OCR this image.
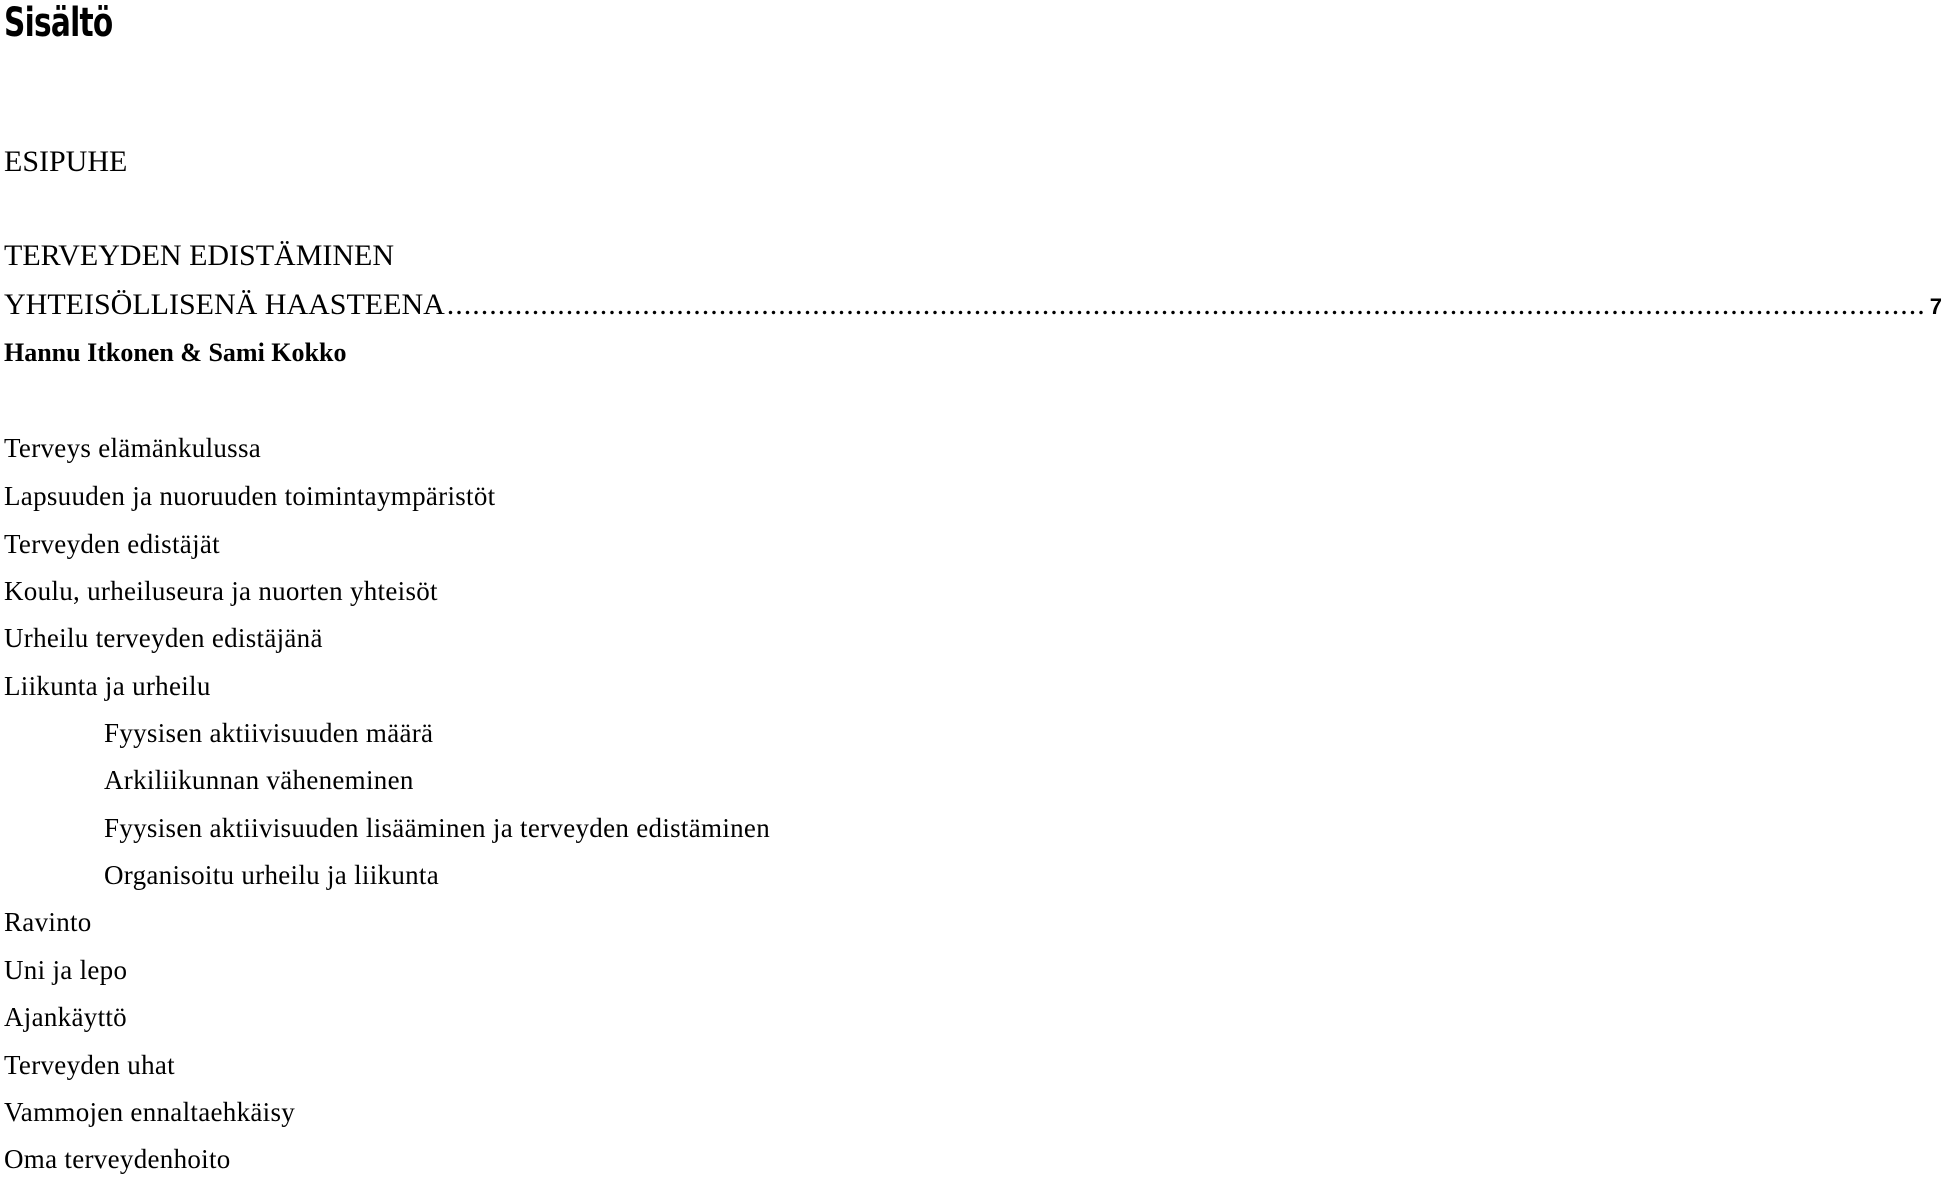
Sisältö
ESIPUHE
TERVEYDEN EDISTÄMINEN
YHTEISÖLLISENÄ HAASTEENA .............................................................................................................................................................................. 7
Hannu Itkonen & Sami Kokko
Terveys elämänkulussa
Lapsuuden ja nuoruuden toimintaympäristöt
Terveyden edistäjät
Koulu, urheiluseura ja nuorten yhteisöt
Urheilu terveyden edistäjänä
Liikunta ja urheilu
Fyysisen aktiivisuuden määrä
Arkiliikunnan väheneminen
Fyysisen aktiivisuuden lisääminen ja terveyden edistäminen
Organisoitu urheilu ja liikunta
Ravinto
Uni ja lepo
Ajankäyttö
Terveyden uhat
Vammojen ennaltaehkäisy
Oma terveydenhoito
